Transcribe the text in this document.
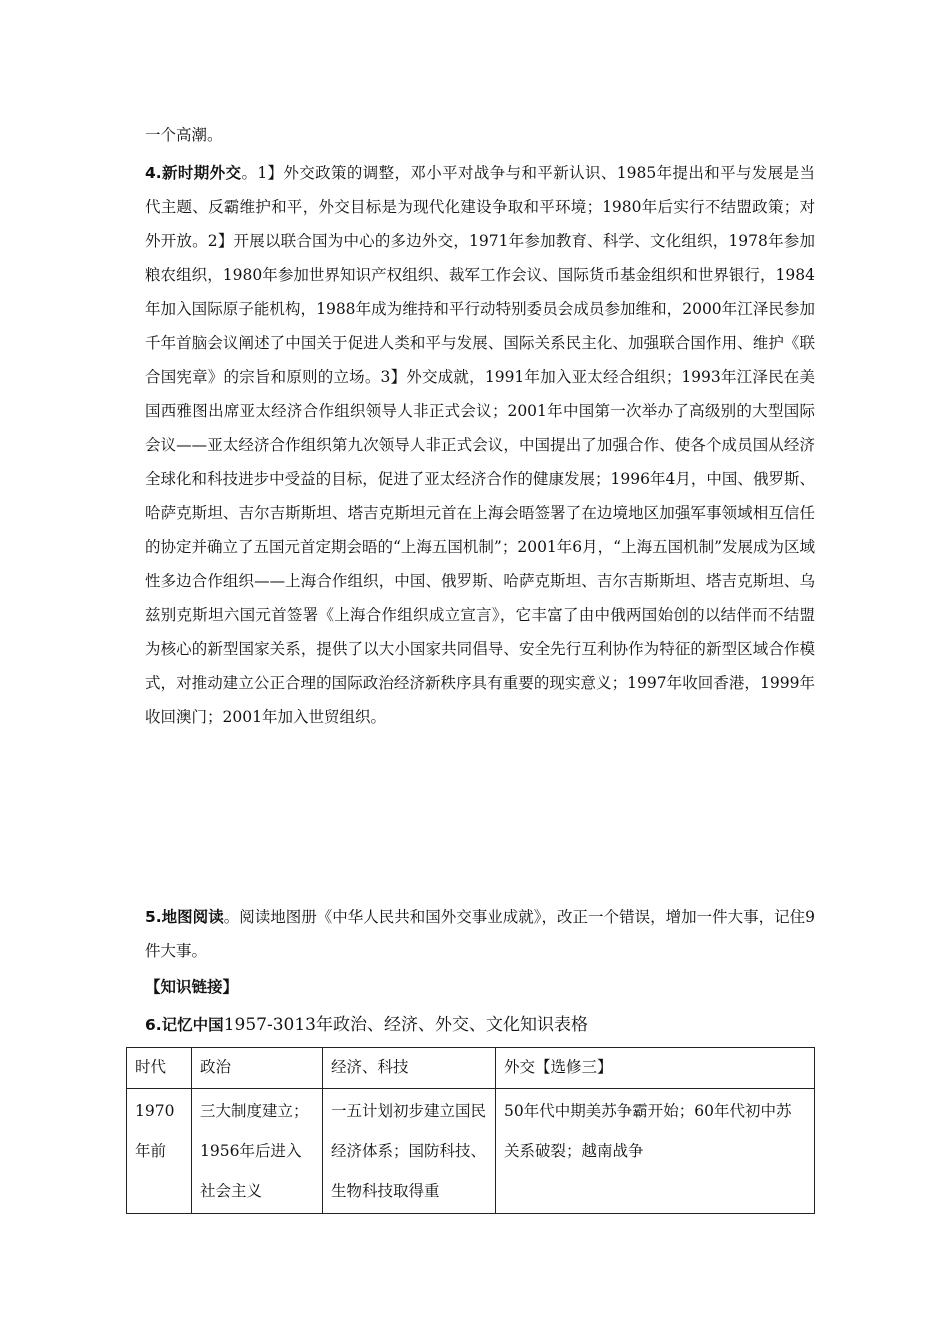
一个高潮。

4.新时期外交。1】外交政策的调整，邓小平对战争与和平新认识、1985年提出和平与发展是当代主题、反霸维护和平，外交目标是为现代化建设争取和平环境；1980年后实行不结盟政策；对外开放。2】开展以联合国为中心的多边外交，1971年参加教育、科学、文化组织，1978年参加粮农组织，1980年参加世界知识产权组织、裁军工作会议、国际货币基金组织和世界银行，1984年加入国际原子能机构，1988年成为维持和平行动特别委员会成员参加维和，2000年江泽民参加千年首脑会议阐述了中国关于促进人类和平与发展、国际关系民主化、加强联合国作用、维护《联合国宪章》的宗旨和原则的立场。3】外交成就，1991年加入亚太经合组织；1993年江泽民在美国西雅图出席亚太经济合作组织领导人非正式会议；2001年中国第一次举办了高级别的大型国际会议——亚太经济合作组织第九次领导人非正式会议，中国提出了加强合作、使各个成员国从经济全球化和科技进步中受益的目标，促进了亚太经济合作的健康发展；1996年4月，中国、俄罗斯、哈萨克斯坦、吉尔吉斯斯坦、塔吉克斯坦元首在上海会晤签署了在边境地区加强军事领域相互信任的协定并确立了五国元首定期会晤的“上海五国机制”；2001年6月，“上海五国机制”发展成为区域性多边合作组织——上海合作组织，中国、俄罗斯、哈萨克斯坦、吉尔吉斯斯坦、塔吉克斯坦、乌兹别克斯坦六国元首签署《上海合作组织成立宣言》，它丰富了由中俄两国始创的以结伴而不结盟为核心的新型国家关系，提供了以大小国家共同倡导、安全先行互利协作为特征的新型区域合作模式，对推动建立公正合理的国际政治经济新秩序具有重要的现实意义；1997年收回香港，1999年收回澳门；2001年加入世贸组织。

5.地图阅读。阅读地图册《中华人民共和国外交事业成就》，改正一个错误，增加一件大事，记住9件大事。

【知识链接】

6.记忆中国1957-3013年政治、经济、外交、文化知识表格

时代	政治	经济、科技	外交【选修三】
1970年前	三大制度建立；1956年后进入社会主义	一五计划初步建立国民经济体系；国防科技、生物科技取得重	50年代中期美苏争霸开始；60年代初中苏关系破裂；越南战争
